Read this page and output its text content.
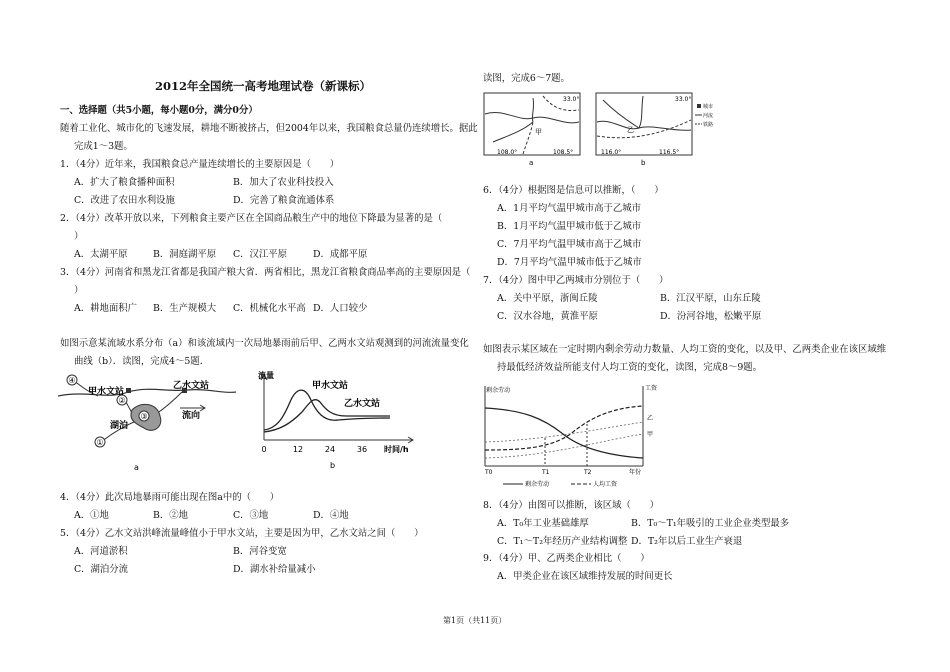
2012年全国统一高考地理试卷（新课标）
一、选择题（共5小题，每小题0分，满分0分）
随着工业化、城市化的飞速发展，耕地不断被挤占，但2004年以来，我国粮食总量仍连续增长。据此
完成1～3题。
1．（4分）近年来，我国粮食总产量连续增长的主要原因是（　　）
A．扩大了粮食播种面积	B．加大了农业科技投入
C．改进了农田水利设施	D．完善了粮食流通体系
2．（4分）改革开放以来，下列粮食主要产区在全国商品粮生产中的地位下降最为显著的是（
）
A．太湖平原	B．洞庭湖平原 C．汉江平原	D．成都平原
3．（4分）河南省和黑龙江省都是我国产粮大省．两省相比，黑龙江省粮食商品率高的主要原因是（
）
A．耕地面积广 B．生产规模大 C．机械化水平高 D．人口较少
如图示意某流域水系分布（a）和该流域内一次局地暴雨前后甲、乙两水文站观测到的河流流量变化
曲线（b）．读图，完成4～5题．
④
②
③
①
甲水文站
乙水文站
湖泊
流向
a
流量
甲水文站
乙水文站
0	12	24	36 时间/h
b
4．（4分）此次局地暴雨可能出现在图a中的（　　）
A．①地	B．②地	C．③地	D．④地
5．（4分）乙水文站洪峰流量峰值小于甲水文站，主要是因为甲，乙水文站之间（　　）
A．河道淤积	B．河谷变宽
C．湖泊分流	D．湖水补给量减小
读图，完成6～7题。
33.0°
108.0°	108.5°
甲
a
33.0°
116.0°	116.5°
乙
b
城市
河流
铁路
6．（4分）根据图是信息可以推断，（　　）
A．1月平均气温甲城市高于乙城市
B．1月平均气温甲城市低于乙城市
C．7月平均气温甲城市高于乙城市
D．7月平均气温甲城市低于乙城市
7．（4分）图中甲乙两城市分别位于（　　）
A．关中平原，浙闽丘陵	B．江汉平原，山东丘陵
C．汉水谷地，黄淮平原	D．汾河谷地，松嫩平原
如图表示某区域在一定时期内剩余劳动力数量、人均工资的变化，以及甲、乙两类企业在该区域维
持最低经济效益所能支付人均工资的变化，读图，完成8～9题。
剩余劳动	工资
乙
甲
T0	T1	T2	年份
剩余劳动	人均工资
8．（4分）由图可以推断，该区域（　　）
A．T₀年工业基础雄厚	B．T₀～T₁年吸引的工业企业类型最多
C．T₁～T₂年经历产业结构调整 D．T₂年以后工业生产衰退
9．（4分）甲、乙两类企业相比（　　）
A．甲类企业在该区域维持发展的时间更长
第1页（共11页）
